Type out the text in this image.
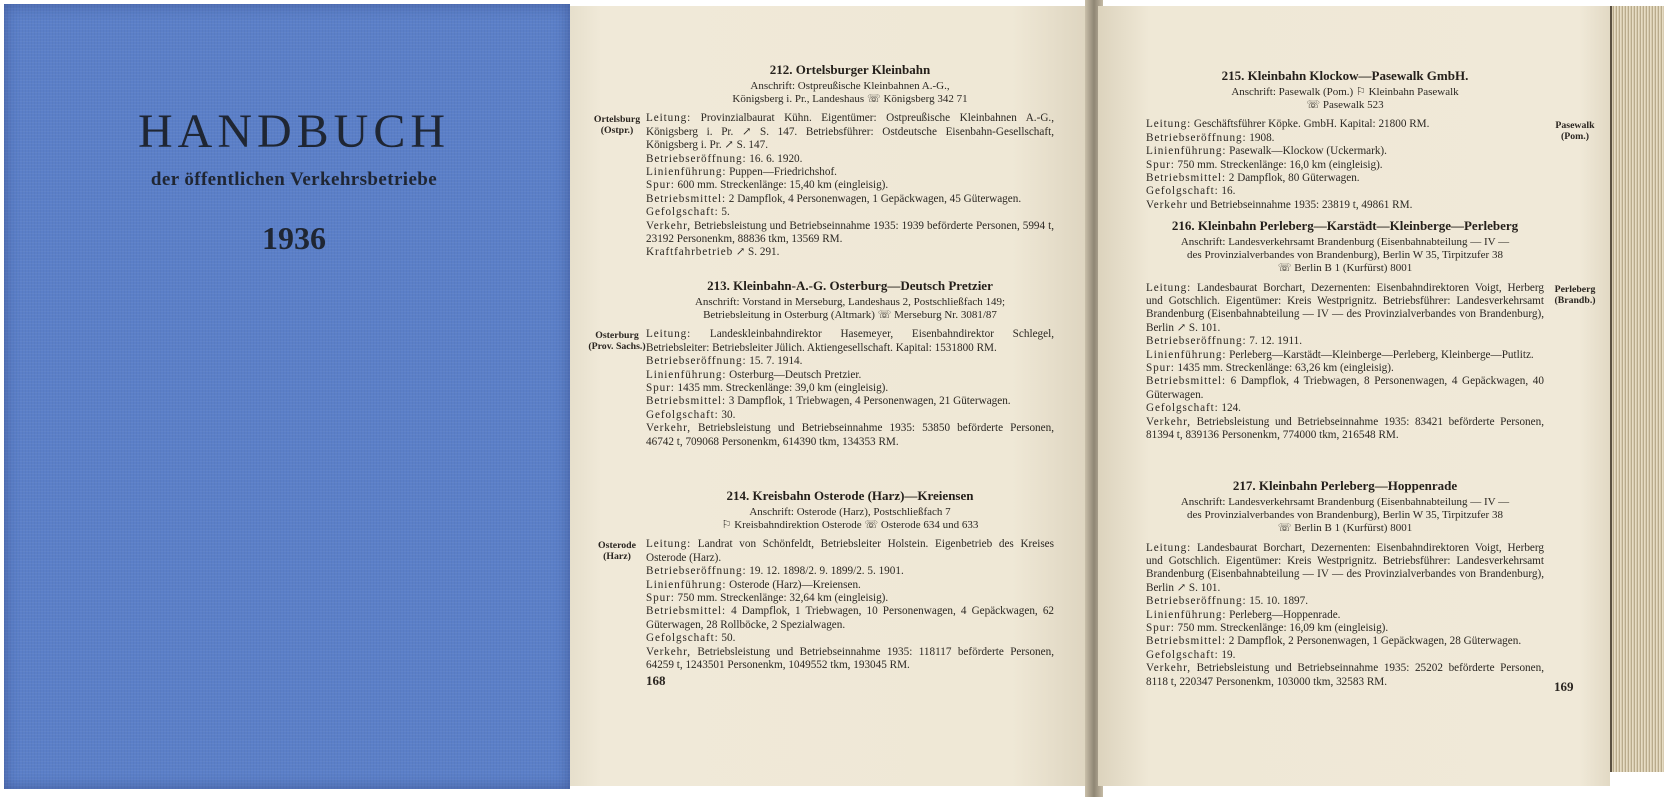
HANDBUCH
der öffentlichen Verkehrsbetriebe
1936
168
212. Ortelsburger Kleinbahn
Anschrift: Ostpreußische Kleinbahnen A.-G.,
Königsberg i. Pr., Landeshaus ☏ Königsberg 342 71

Leitung: Provinzialbaurat Kühn. Eigentümer: Ostpreußische Kleinbahnen A.-G., Königsberg i. Pr. ↗ S. 147. Betriebsführer: Ostdeutsche Eisenbahn-Gesellschaft, Königsberg i. Pr. ↗ S. 147.

Betriebseröffnung: 16. 6. 1920.

Linienführung: Puppen—Friedrichshof.

Spur: 600 mm. Streckenlänge: 15,40 km (eingleisig).

Betriebsmittel: 2 Dampflok, 4 Personenwagen, 1 Gepäckwagen, 45 Güterwagen.

Gefolgschaft: 5.

Verkehr, Betriebsleistung und Betriebseinnahme 1935: 1939 beförderte Personen, 5994 t, 23192 Personenkm, 88836 tkm, 13569 RM.

Kraftfahrbetrieb ↗ S. 291.

Ortelsburg
(Ostpr.)
213. Kleinbahn-A.-G. Osterburg—Deutsch Pretzier
Anschrift: Vorstand in Merseburg, Landeshaus 2, Postschließfach 149;
Betriebsleitung in Osterburg (Altmark) ☏ Merseburg Nr. 3081/87

Leitung: Landeskleinbahndirektor Hasemeyer, Eisenbahndirektor Schlegel, Betriebsleiter: Betriebsleiter Jülich. Aktiengesellschaft. Kapital: 1531800 RM.

Betriebseröffnung: 15. 7. 1914.

Linienführung: Osterburg—Deutsch Pretzier.

Spur: 1435 mm. Streckenlänge: 39,0 km (eingleisig).

Betriebsmittel: 3 Dampflok, 1 Triebwagen, 4 Personenwagen, 21 Güterwagen.

Gefolgschaft: 30.

Verkehr, Betriebsleistung und Betriebseinnahme 1935: 53850 beförderte Personen, 46742 t, 709068 Personenkm, 614390 tkm, 134353 RM.

Osterburg
(Prov. Sachs.)
214. Kreisbahn Osterode (Harz)—Kreiensen
Anschrift: Osterode (Harz), Postschließfach 7
⚐ Kreisbahndirektion Osterode ☏ Osterode 634 und 633

Leitung: Landrat von Schönfeldt, Betriebsleiter Holstein. Eigenbetrieb des Kreises Osterode (Harz).

Betriebseröffnung: 19. 12. 1898/2. 9. 1899/2. 5. 1901.

Linienführung: Osterode (Harz)—Kreiensen.

Spur: 750 mm. Streckenlänge: 32,64 km (eingleisig).

Betriebsmittel: 4 Dampflok, 1 Triebwagen, 10 Personenwagen, 4 Gepäckwagen, 62 Güterwagen, 28 Rollböcke, 2 Spezialwagen.

Gefolgschaft: 50.

Verkehr, Betriebsleistung und Betriebseinnahme 1935: 118117 beförderte Personen, 64259 t, 1243501 Personenkm, 1049552 tkm, 193045 RM.

Osterode
(Harz)
169
215. Kleinbahn Klockow—Pasewalk GmbH.
Anschrift: Pasewalk (Pom.) ⚐ Kleinbahn Pasewalk
☏ Pasewalk 523

Leitung: Geschäftsführer Köpke. GmbH. Kapital: 21800 RM.

Betriebseröffnung: 1908.

Linienführung: Pasewalk—Klockow (Uckermark).

Spur: 750 mm. Streckenlänge: 16,0 km (eingleisig).

Betriebsmittel: 2 Dampflok, 80 Güterwagen.

Gefolgschaft: 16.

Verkehr und Betriebseinnahme 1935: 23819 t, 49861 RM.

Pasewalk
(Pom.)
216. Kleinbahn Perleberg—Karstädt—Kleinberge—Perleberg
Anschrift: Landesverkehrsamt Brandenburg (Eisenbahnabteilung — IV —
des Provinzialverbandes von Brandenburg), Berlin W 35, Tirpitzufer 38
☏ Berlin B 1 (Kurfürst) 8001

Leitung: Landesbaurat Borchart, Dezernenten: Eisenbahndirektoren Voigt, Herberg und Gotschlich. Eigentümer: Kreis Westprignitz. Betriebsführer: Landesverkehrsamt Brandenburg (Eisenbahnabteilung — IV — des Provinzialverbandes von Brandenburg), Berlin ↗ S. 101.

Betriebseröffnung: 7. 12. 1911.

Linienführung: Perleberg—Karstädt—Kleinberge—Perleberg, Kleinberge—Putlitz.

Spur: 1435 mm. Streckenlänge: 63,26 km (eingleisig).

Betriebsmittel: 6 Dampflok, 4 Triebwagen, 8 Personenwagen, 4 Gepäckwagen, 40 Güterwagen.

Gefolgschaft: 124.

Verkehr, Betriebsleistung und Betriebseinnahme 1935: 83421 beförderte Personen, 81394 t, 839136 Personenkm, 774000 tkm, 216548 RM.

Perleberg
(Brandb.)
217. Kleinbahn Perleberg—Hoppenrade
Anschrift: Landesverkehrsamt Brandenburg (Eisenbahnabteilung — IV —
des Provinzialverbandes von Brandenburg), Berlin W 35, Tirpitzufer 38
☏ Berlin B 1 (Kurfürst) 8001

Leitung: Landesbaurat Borchart, Dezernenten: Eisenbahndirektoren Voigt, Herberg und Gotschlich. Eigentümer: Kreis Westprignitz. Betriebsführer: Landesverkehrsamt Brandenburg (Eisenbahnabteilung — IV — des Provinzialverbandes von Brandenburg), Berlin ↗ S. 101.

Betriebseröffnung: 15. 10. 1897.

Linienführung: Perleberg—Hoppenrade.

Spur: 750 mm. Streckenlänge: 16,09 km (eingleisig).

Betriebsmittel: 2 Dampflok, 2 Personenwagen, 1 Gepäckwagen, 28 Güterwagen.

Gefolgschaft: 19.

Verkehr, Betriebsleistung und Betriebseinnahme 1935: 25202 beförderte Personen, 8118 t, 220347 Personenkm, 103000 tkm, 32583 RM.
